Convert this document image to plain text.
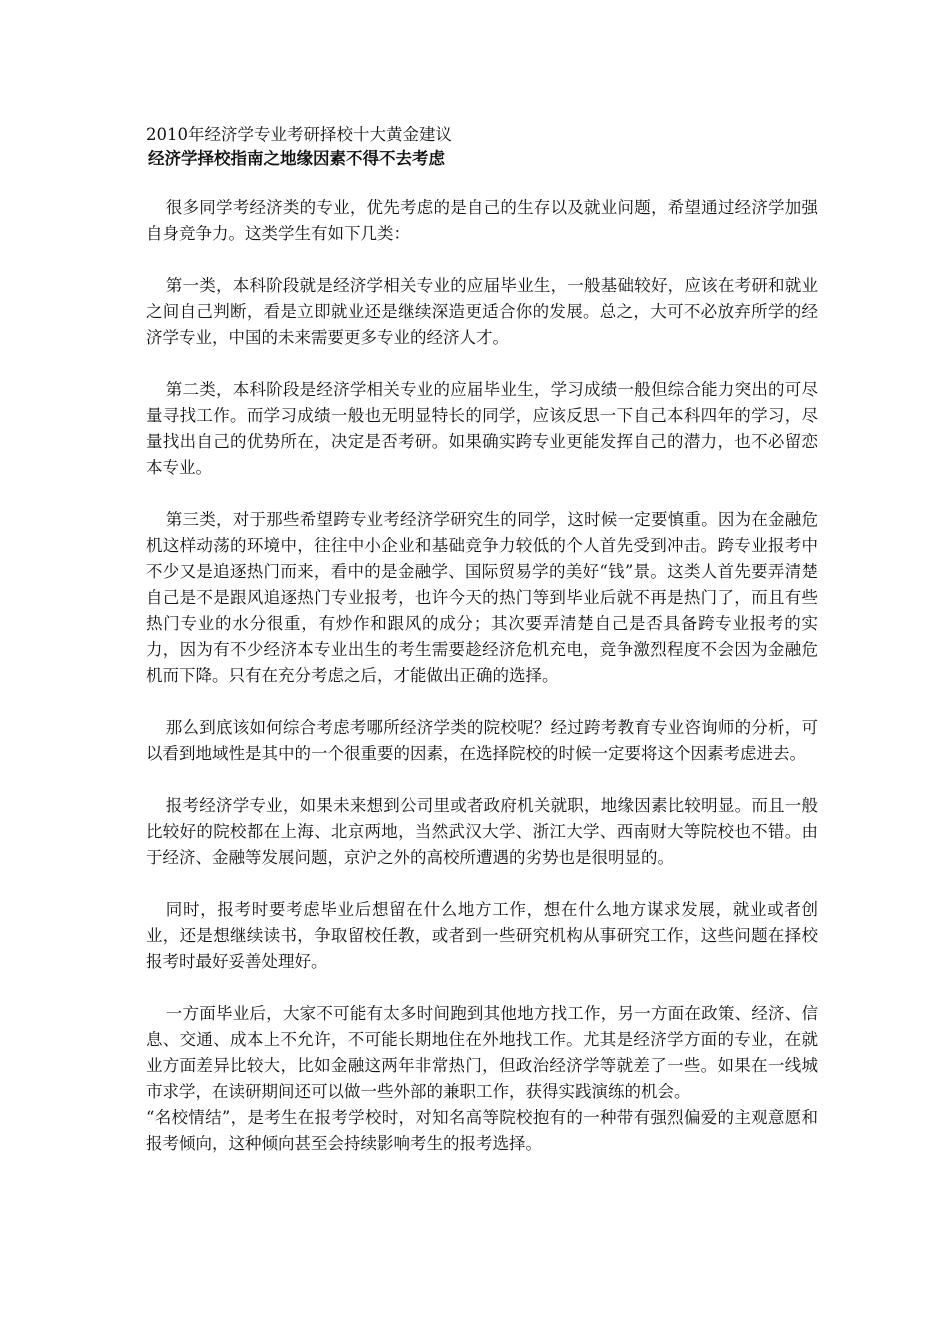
2010年经济学专业考研择校十大黄金建议
经济学择校指南之地缘因素不得不去考虑

很多同学考经济类的专业，优先考虑的是自己的生存以及就业问题，希望通过经济学加强自身竞争力。这类学生有如下几类：

第一类，本科阶段就是经济学相关专业的应届毕业生，一般基础较好，应该在考研和就业之间自己判断，看是立即就业还是继续深造更适合你的发展。总之，大可不必放弃所学的经济学专业，中国的未来需要更多专业的经济人才。

第二类，本科阶段是经济学相关专业的应届毕业生，学习成绩一般但综合能力突出的可尽量寻找工作。而学习成绩一般也无明显特长的同学，应该反思一下自己本科四年的学习，尽量找出自己的优势所在，决定是否考研。如果确实跨专业更能发挥自己的潜力，也不必留恋本专业。

第三类，对于那些希望跨专业考经济学研究生的同学，这时候一定要慎重。因为在金融危机这样动荡的环境中，往往中小企业和基础竞争力较低的个人首先受到冲击。跨专业报考中不少又是追逐热门而来，看中的是金融学、国际贸易学的美好“钱”景。这类人首先要弄清楚自己是不是跟风追逐热门专业报考，也许今天的热门等到毕业后就不再是热门了，而且有些热门专业的水分很重，有炒作和跟风的成分；其次要弄清楚自己是否具备跨专业报考的实力，因为有不少经济本专业出生的考生需要趁经济危机充电，竞争激烈程度不会因为金融危机而下降。只有在充分考虑之后，才能做出正确的选择。

那么到底该如何综合考虑考哪所经济学类的院校呢？经过跨考教育专业咨询师的分析，可以看到地域性是其中的一个很重要的因素，在选择院校的时候一定要将这个因素考虑进去。

报考经济学专业，如果未来想到公司里或者政府机关就职，地缘因素比较明显。而且一般比较好的院校都在上海、北京两地，当然武汉大学、浙江大学、西南财大等院校也不错。由于经济、金融等发展问题，京沪之外的高校所遭遇的劣势也是很明显的。

同时，报考时要考虑毕业后想留在什么地方工作，想在什么地方谋求发展，就业或者创业，还是想继续读书，争取留校任教，或者到一些研究机构从事研究工作，这些问题在择校报考时最好妥善处理好。

一方面毕业后，大家不可能有太多时间跑到其他地方找工作，另一方面在政策、经济、信息、交通、成本上不允许，不可能长期地住在外地找工作。尤其是经济学方面的专业，在就业方面差异比较大，比如金融这两年非常热门，但政治经济学等就差了一些。如果在一线城市求学，在读研期间还可以做一些外部的兼职工作，获得实践演练的机会。

“名校情结”，是考生在报考学校时，对知名高等院校抱有的一种带有强烈偏爱的主观意愿和报考倾向，这种倾向甚至会持续影响考生的报考选择。
